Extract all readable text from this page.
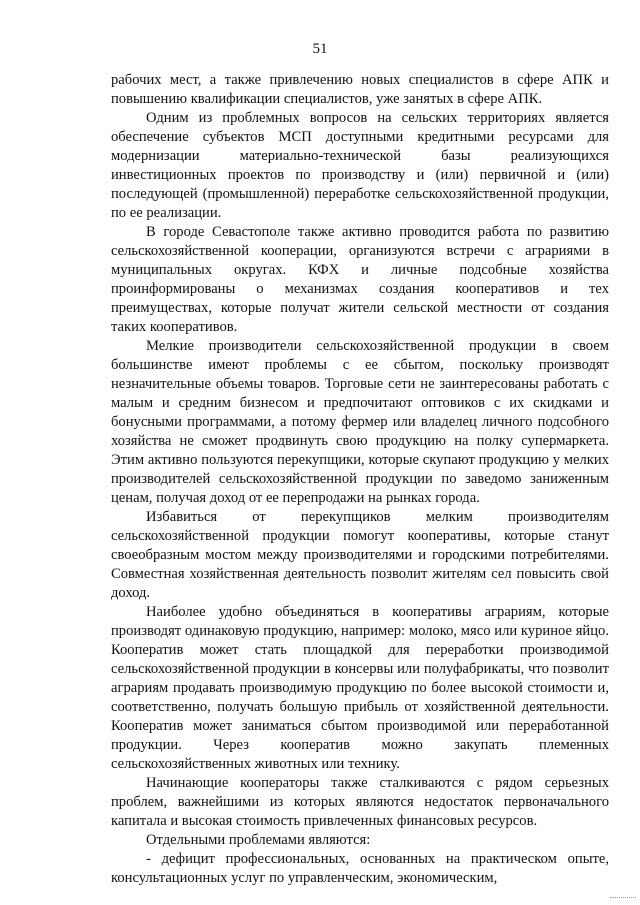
51

рабочих мест, а также привлечению новых специалистов в сфере АПК и повышению квалификации специалистов, уже занятых в сфере АПК.

Одним из проблемных вопросов на сельских территориях является обеспечение субъектов МСП доступными кредитными ресурсами для модернизации материально-технической базы реализующихся инвестиционных проектов по производству и (или) первичной и (или) последующей (промышленной) переработке сельскохозяйственной продукции, по ее реализации.

В городе Севастополе также активно проводится работа по развитию сельскохозяйственной кооперации, организуются встречи с аграриями в муниципальных округах. КФХ и личные подсобные хозяйства проинформированы о механизмах создания кооперативов и тех преимуществах, которые получат жители сельской местности от создания таких кооперативов.

Мелкие производители сельскохозяйственной продукции в своем большинстве имеют проблемы с ее сбытом, поскольку производят незначительные объемы товаров. Торговые сети не заинтересованы работать с малым и средним бизнесом и предпочитают оптовиков с их скидками и бонусными программами, а потому фермер или владелец личного подсобного хозяйства не сможет продвинуть свою продукцию на полку супермаркета. Этим активно пользуются перекупщики, которые скупают продукцию у мелких производителей сельскохозяйственной продукции по заведомо заниженным ценам, получая доход от ее перепродажи на рынках города.

Избавиться от перекупщиков мелким производителям сельскохозяйственной продукции помогут кооперативы, которые станут своеобразным мостом между производителями и городскими потребителями. Совместная хозяйственная деятельность позволит жителям сел повысить свой доход.

Наиболее удобно объединяться в кооперативы аграриям, которые производят одинаковую продукцию, например: молоко, мясо или куриное яйцо. Кооператив может стать площадкой для переработки производимой сельскохозяйственной продукции в консервы или полуфабрикаты, что позволит аграриям продавать производимую продукцию по более высокой стоимости и, соответственно, получать большую прибыль от хозяйственной деятельности. Кооператив может заниматься сбытом производимой или переработанной продукции. Через кооператив можно закупать племенных сельскохозяйственных животных или технику.

Начинающие кооператоры также сталкиваются с рядом серьезных проблем, важнейшими из которых являются недостаток первоначального капитала и высокая стоимость привлеченных финансовых ресурсов.

Отдельными проблемами являются:

- дефицит профессиональных, основанных на практическом опыте, консультационных услуг по управленческим, экономическим,
